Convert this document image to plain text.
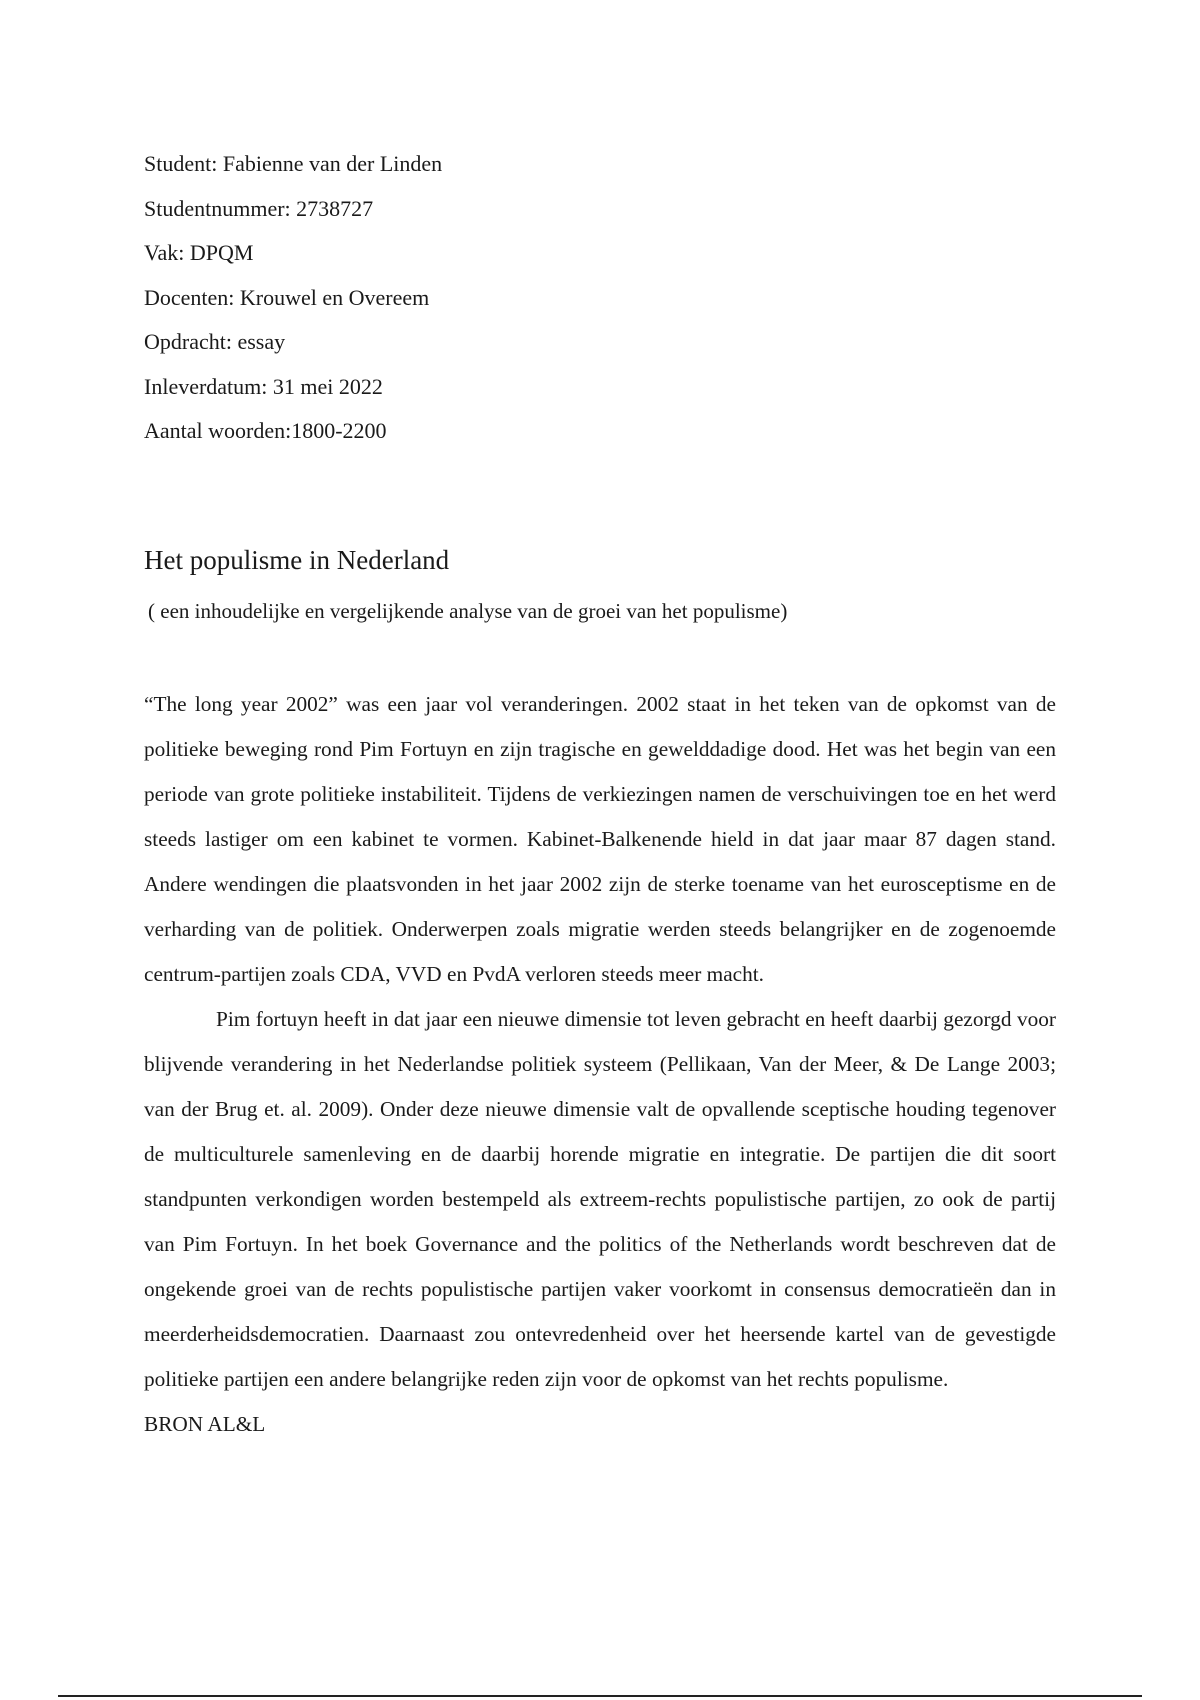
Student: Fabienne van der Linden
Studentnummer: 2738727
Vak: DPQM
Docenten: Krouwel en Overeem
Opdracht: essay
Inleverdatum: 31 mei 2022
Aantal woorden:1800-2200
Het populisme in Nederland
( een inhoudelijke en vergelijkende analyse van de groei van het populisme)

“The long year 2002” was een jaar vol veranderingen. 2002 staat in het teken van de opkomst van de politieke beweging rond Pim Fortuyn en zijn tragische en gewelddadige dood. Het was het begin van een periode van grote politieke instabiliteit. Tijdens de verkiezingen namen de verschuivingen toe en het werd steeds lastiger om een kabinet te vormen. Kabinet-Balkenende hield in dat jaar maar 87 dagen stand. Andere wendingen die plaatsvonden in het jaar 2002 zijn de sterke toename van het eurosceptisme en de verharding van de politiek. Onderwerpen zoals migratie werden steeds belangrijker en de zogenoemde centrum-partijen zoals CDA, VVD en PvdA verloren steeds meer macht.

Pim fortuyn heeft in dat jaar een nieuwe dimensie tot leven gebracht en heeft daarbij gezorgd voor blijvende verandering in het Nederlandse politiek systeem (Pellikaan, Van der Meer, & De Lange 2003; van der Brug et. al. 2009). Onder deze nieuwe dimensie valt de opvallende sceptische houding tegenover de multiculturele samenleving en de daarbij horende migratie en integratie. De partijen die dit soort standpunten verkondigen worden bestempeld als extreem-rechts populistische partijen, zo ook de partij van Pim Fortuyn. In het boek Governance and the politics of the Netherlands wordt beschreven dat de ongekende groei van de rechts populistische partijen vaker voorkomt in consensus democratieën dan in meerderheidsdemocratien. Daarnaast zou ontevredenheid over het heersende kartel van de gevestigde politieke partijen een andere belangrijke reden zijn voor de opkomst van het rechts populisme.

BRON AL&L
